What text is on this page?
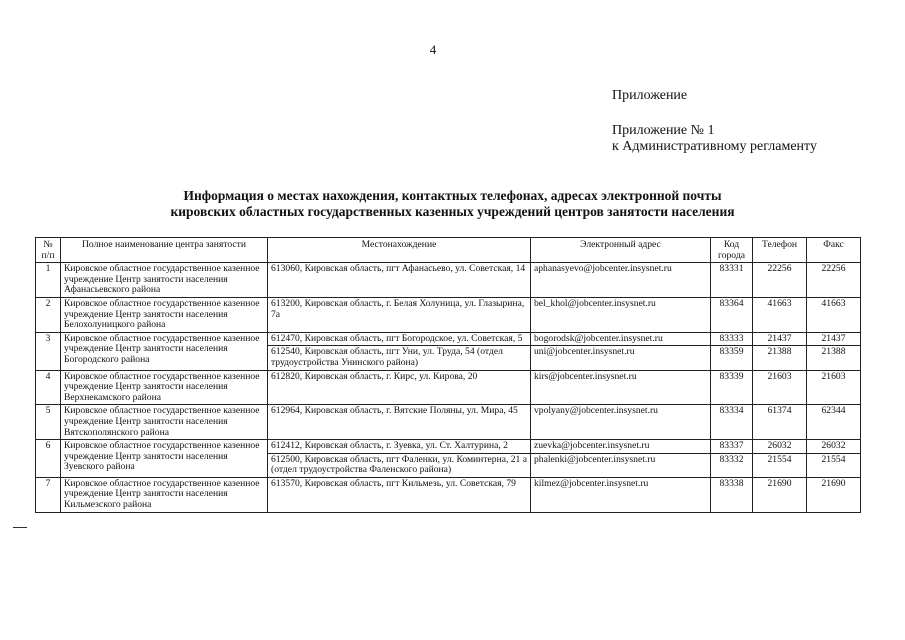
4
Приложение
Приложение № 1
к Административному регламенту
Информация о местах нахождения, контактных телефонах, адресах электронной почты
кировских областных государственных казенных учреждений центров занятости населения
№ п/п	Полное наименование центра занятости	Местонахождение	Электронный адрес	Код города	Телефон	Факс
1	Кировское областное государственное казенное учреждение Центр занятости населения Афанасьевского района	613060, Кировская область, пгт Афанасьево, ул. Советская, 14	aphanasyevo@jobcenter.insysnet.ru	83331	22256	22256
2	Кировское областное государственное казенное учреждение Центр занятости населения Белохолуницкого района	613200, Кировская область, г. Белая Холуница, ул. Глазырина, 7а	bel_khol@jobcenter.insysnet.ru	83364	41663	41663
3	Кировское областное государственное казенное учреждение Центр занятости населения Богородского района	612470, Кировская область, пгт Богородское, ул. Советская, 5	bogorodsk@jobcenter.insysnet.ru	83333	21437	21437
		612540, Кировская область, пгт Уни, ул. Труда, 54 (отдел трудоустройства Унинского района)	uni@jobcenter.insysnet.ru	83359	21388	21388
4	Кировское областное государственное казенное учреждение Центр занятости населения Верхнекамского района	612820, Кировская область, г. Кирс, ул. Кирова, 20	kirs@jobcenter.insysnet.ru	83339	21603	21603
5	Кировское областное государственное казенное учреждение Центр занятости населения Вятскополянского района	612964, Кировская область, г. Вятские Поляны, ул. Мира, 45	vpolyany@jobcenter.insysnet.ru	83334	61374	62344
6	Кировское областное государственное казенное учреждение Центр занятости населения Зуевского района	612412, Кировская область, г. Зуевка, ул. Ст. Халтурина, 2	zuevka@jobcenter.insysnet.ru	83337	26032	26032
		612500, Кировская область, пгт Фаленки, ул. Коминтерна, 21 а (отдел трудоустройства Фаленского района)	phalenki@jobcenter.insysnet.ru	83332	21554	21554
7	Кировское областное государственное казенное учреждение Центр занятости населения Кильмезского района	613570, Кировская область, пгт Кильмезь, ул. Советская, 79	kilmez@jobcenter.insysnet.ru	83338	21690	21690
